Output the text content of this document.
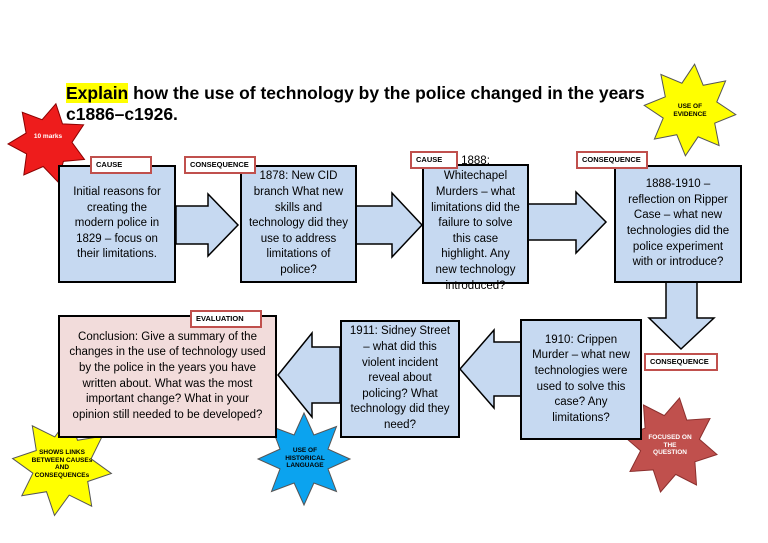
Explain how the use of technology by the police changed in the years
c1886–c1926.
Initial reasons for creating the modern police in 1829 – focus on their limitations.
1878: New CID branch What new skills and technology did they use to address limitations of police?
1888: Whitechapel Murders – what limitations did the failure to solve this case highlight. Any new technology introduced?
1888-1910 – reflection on Ripper Case – what new technologies did the police experiment with or introduce?
1910: Crippen Murder – what new technologies were used to solve this case? Any limitations?
1911: Sidney Street – what did this violent incident reveal about policing? What technology did they need?
Conclusion: Give a summary of the changes in the use of technology used by the police in the years you have written about. What was the most important change? What in your opinion still needed to be developed?
CAUSE	CONSEQUENCE
CAUSE	CONSEQUENCE
CONSEQUENCE
EVALUATION
10 marks
USE OF EVIDENCE
SHOWS LINKS BETWEEN CAUSEs AND CONSEQUENCEs
USE OF HISTORICAL LANGUAGE
FOCUSED ON THE QUESTION
